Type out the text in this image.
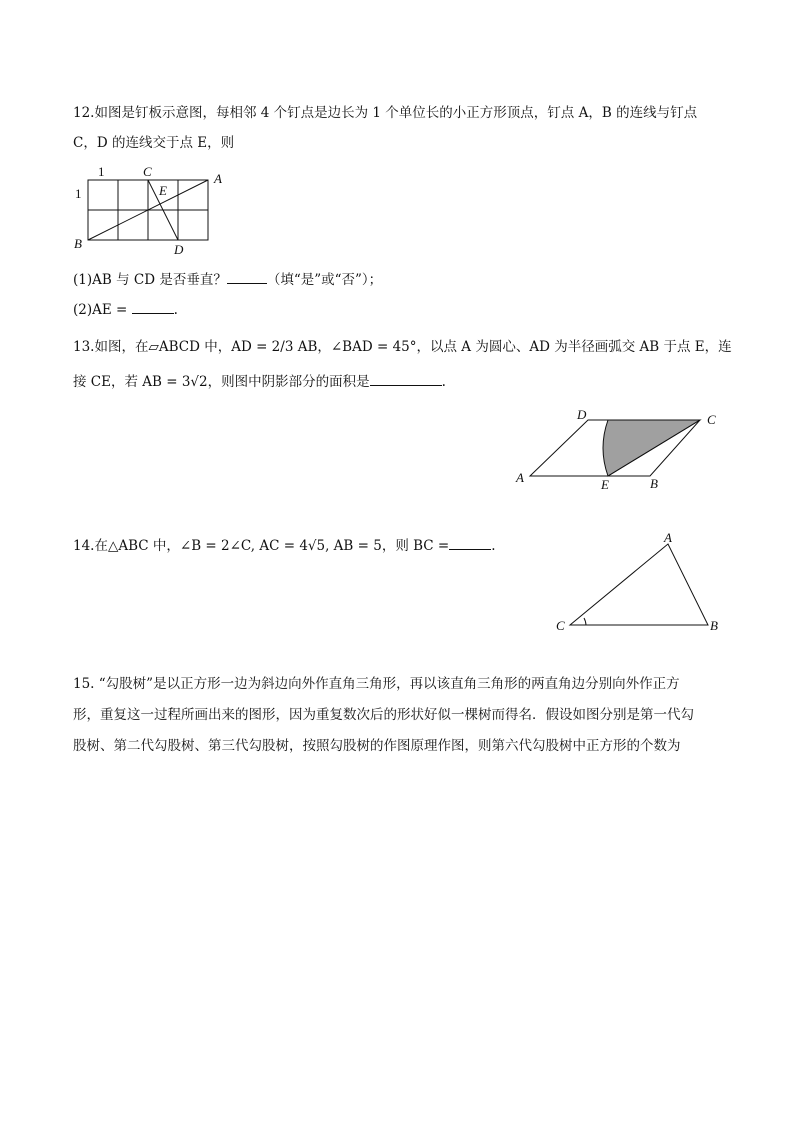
12.如图是钉板示意图，每相邻 4 个钉点是边长为 1 个单位长的小正方形顶点，钉点 A，B 的连线与钉点
C，D 的连线交于点 E，则
1
1
A
B
C
D
E
(1)AB 与 CD 是否垂直？	（填“是”或“否”）；
(2)AE =	.
13.如图，在▱ABCD 中，AD = 2/3 AB，∠BAD = 45°，以点 A 为圆心、AD 为半径画弧交 AB 于点 E，连
接 CE，若 AB = 3√2，则图中阴影部分的面积是	.
A	B
C
D
E
14.在△ABC 中，∠B = 2∠C, AC = 4√5, AB = 5，则 BC =	.
A
B
C
15. “勾股树”是以正方形一边为斜边向外作直角三角形，再以该直角三角形的两直角边分别向外作正方
形，重复这一过程所画出来的图形，因为重复数次后的形状好似一棵树而得名．假设如图分别是第一代勾
股树、第二代勾股树、第三代勾股树，按照勾股树的作图原理作图，则第六代勾股树中正方形的个数为
